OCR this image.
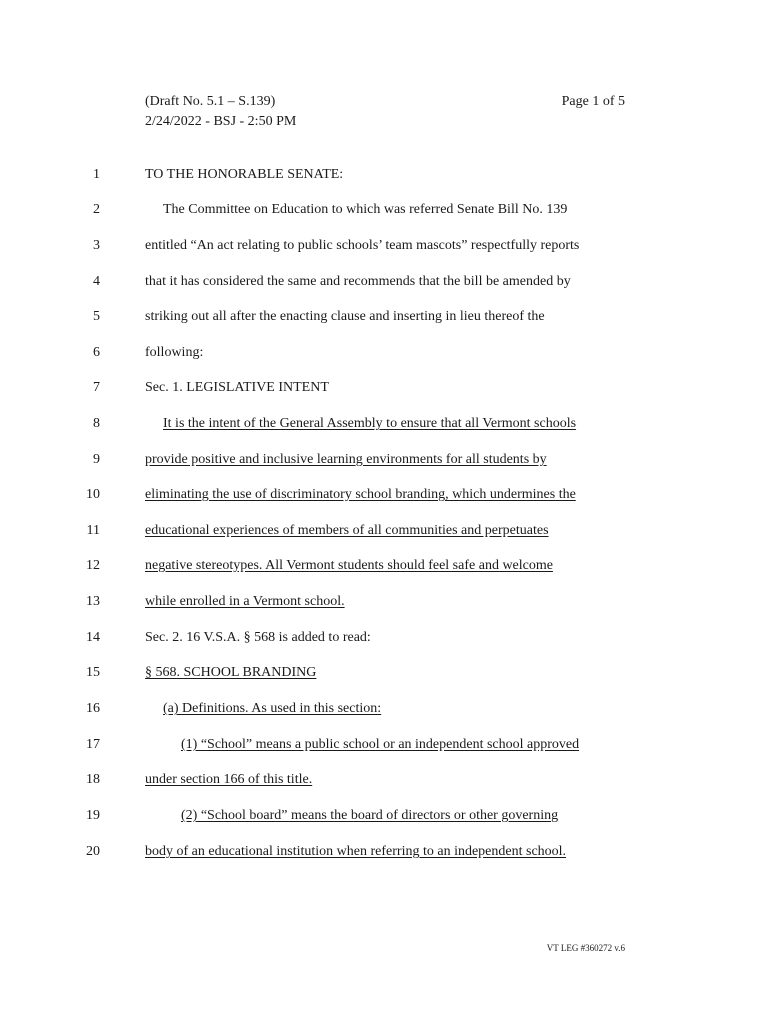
(Draft No. 5.1 – S.139)
2/24/2022 - BSJ - 2:50 PM
Page 1 of 5
1	TO THE HONORABLE SENATE:
2	The Committee on Education to which was referred Senate Bill No. 139
3	entitled “An act relating to public schools’ team mascots” respectfully reports
4	that it has considered the same and recommends that the bill be amended by
5	striking out all after the enacting clause and inserting in lieu thereof the
6	following:
7	Sec. 1. LEGISLATIVE INTENT
8	It is the intent of the General Assembly to ensure that all Vermont schools
9	provide positive and inclusive learning environments for all students by
10	eliminating the use of discriminatory school branding, which undermines the
11	educational experiences of members of all communities and perpetuates
12	negative stereotypes. All Vermont students should feel safe and welcome
13	while enrolled in a Vermont school.
14	Sec. 2. 16 V.S.A. § 568 is added to read:
15	§ 568. SCHOOL BRANDING
16	(a) Definitions. As used in this section:
17	(1) “School” means a public school or an independent school approved
18	under section 166 of this title.
19	(2) “School board” means the board of directors or other governing
20	body of an educational institution when referring to an independent school.
VT LEG #360272 v.6
